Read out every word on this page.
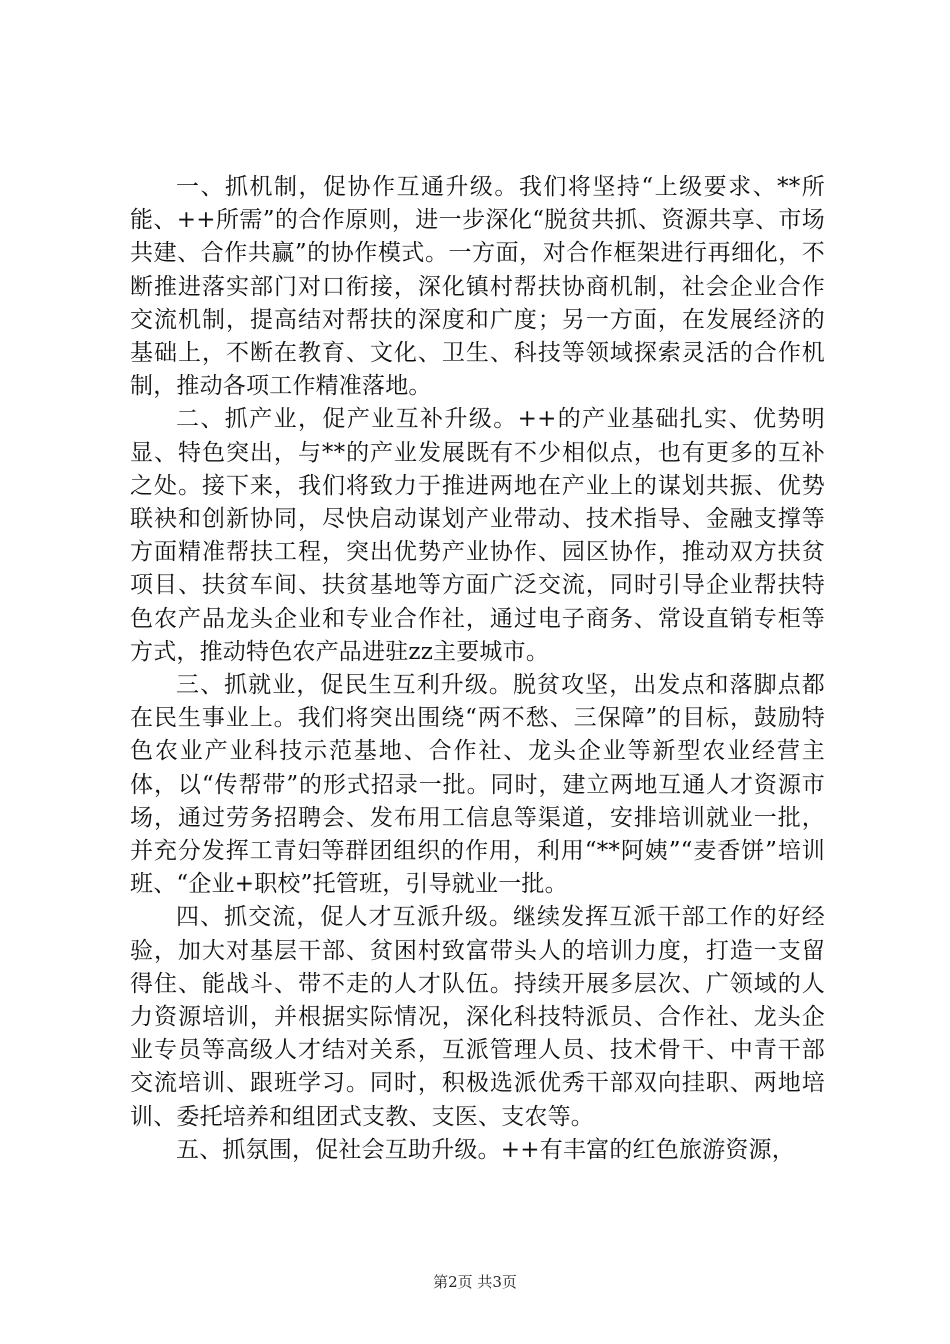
一、抓机制，促协作互通升级。我们将坚持“上级要求、**所能、++所需”的合作原则，进一步深化“脱贫共抓、资源共享、市场共建、合作共赢”的协作模式。一方面，对合作框架进行再细化，不断推进落实部门对口衔接，深化镇村帮扶协商机制，社会企业合作交流机制，提高结对帮扶的深度和广度；另一方面，在发展经济的基础上，不断在教育、文化、卫生、科技等领域探索灵活的合作机制，推动各项工作精准落地。

二、抓产业，促产业互补升级。++的产业基础扎实、优势明显、特色突出，与**的产业发展既有不少相似点，也有更多的互补之处。接下来，我们将致力于推进两地在产业上的谋划共振、优势联袂和创新协同，尽快启动谋划产业带动、技术指导、金融支撑等方面精准帮扶工程，突出优势产业协作、园区协作，推动双方扶贫项目、扶贫车间、扶贫基地等方面广泛交流，同时引导企业帮扶特色农产品龙头企业和专业合作社，通过电子商务、常设直销专柜等方式，推动特色农产品进驻zz主要城市。

三、抓就业，促民生互利升级。脱贫攻坚，出发点和落脚点都在民生事业上。我们将突出围绕“两不愁、三保障”的目标，鼓励特色农业产业科技示范基地、合作社、龙头企业等新型农业经营主体，以“传帮带”的形式招录一批。同时，建立两地互通人才资源市场，通过劳务招聘会、发布用工信息等渠道，安排培训就业一批，并充分发挥工青妇等群团组织的作用，利用“**阿姨”“麦香饼”培训班、“企业+职校”托管班，引导就业一批。

四、抓交流，促人才互派升级。继续发挥互派干部工作的好经验，加大对基层干部、贫困村致富带头人的培训力度，打造一支留得住、能战斗、带不走的人才队伍。持续开展多层次、广领域的人力资源培训，并根据实际情况，深化科技特派员、合作社、龙头企业专员等高级人才结对关系，互派管理人员、技术骨干、中青干部交流培训、跟班学习。同时，积极选派优秀干部双向挂职、两地培训、委托培养和组团式支教、支医、支农等。

五、抓氛围，促社会互助升级。++有丰富的红色旅游资源，

第2页 共3页
